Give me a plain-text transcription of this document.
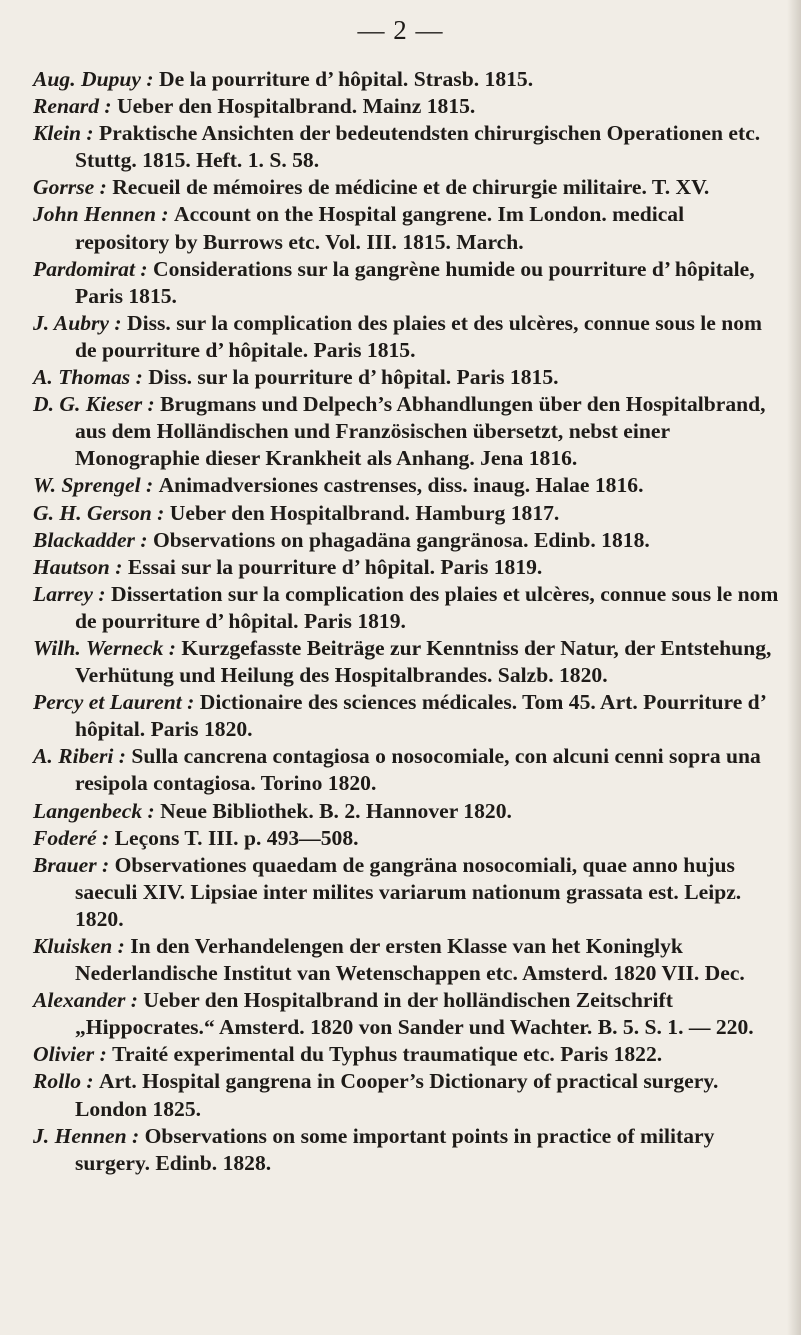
— 2 —
Aug. Dupuy : De la pourriture d’ hôpital. Strasb. 1815.
Renard : Ueber den Hospitalbrand. Mainz 1815.
Klein : Praktische Ansichten der bedeutendsten chirurgischen Operationen etc. Stuttg. 1815. Heft. 1. S. 58.
Gorrse : Recueil de mémoires de médicine et de chirurgie militaire. T. XV.
John Hennen : Account on the Hospital gangrene. Im London. medical repository by Burrows etc. Vol. III. 1815. March.
Pardomirat : Considerations sur la gangrène humide ou pourriture d’ hôpitale, Paris 1815.
J. Aubry : Diss. sur la complication des plaies et des ulcères, connue sous le nom de pourriture d’ hôpitale. Paris 1815.
A. Thomas : Diss. sur la pourriture d’ hôpital. Paris 1815.
D. G. Kieser : Brugmans und Delpech’s Abhandlungen über den Hospitalbrand, aus dem Holländischen und Französischen übersetzt, nebst einer Monographie dieser Krankheit als Anhang. Jena 1816.
W. Sprengel : Animadversiones castrenses, diss. inaug. Halae 1816.
G. H. Gerson : Ueber den Hospitalbrand. Hamburg 1817.
Blackadder : Observations on phagadäna gangränosa. Edinb. 1818.
Hautson : Essai sur la pourriture d’ hôpital. Paris 1819.
Larrey : Dissertation sur la complication des plaies et ulcères, connue sous le nom de pourriture d’ hôpital. Paris 1819.
Wilh. Werneck : Kurzgefasste Beiträge zur Kenntniss der Natur, der Entstehung, Verhütung und Heilung des Hospitalbrandes. Salzb. 1820.
Percy et Laurent : Dictionaire des sciences médicales. Tom 45. Art. Pourriture d’ hôpital. Paris 1820.
A. Riberi : Sulla cancrena contagiosa o nosocomiale, con alcuni cenni sopra una resipola contagiosa. Torino 1820.
Langenbeck : Neue Bibliothek. B. 2. Hannover 1820.
Foderé : Leçons T. III. p. 493—508.
Brauer : Observationes quaedam de gangräna nosocomiali, quae anno hujus saeculi XIV. Lipsiae inter milites variarum nationum grassata est. Leipz. 1820.
Kluisken : In den Verhandelengen der ersten Klasse van het Koninglyk Nederlandische Institut van Wetenschappen etc. Amsterd. 1820 VII. Dec.
Alexander : Ueber den Hospitalbrand in der holländischen Zeitschrift „Hippocrates.“ Amsterd. 1820 von Sander und Wachter. B. 5. S. 1. — 220.
Olivier : Traité experimental du Typhus traumatique etc. Paris 1822.
Rollo : Art. Hospital gangrena in Cooper’s Dictionary of practical surgery. London 1825.
J. Hennen : Observations on some important points in practice of military surgery. Edinb. 1828.
